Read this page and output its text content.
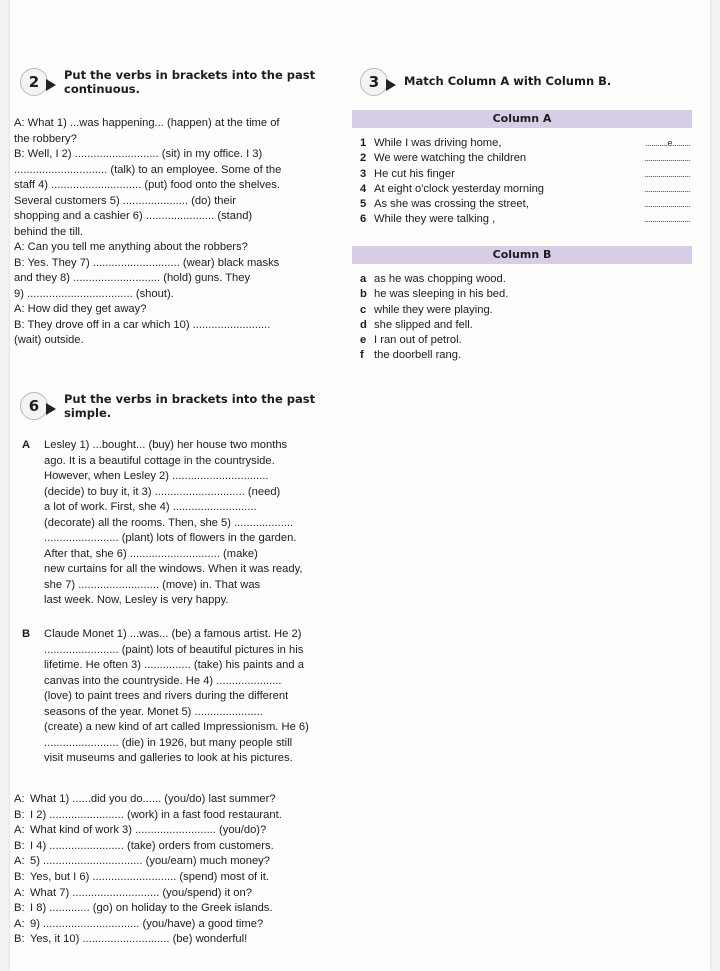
2	Put the verbs in brackets into the past continuous.

A: What 1) ...was happening... (happen) at the time of

the robbery?

B: Well, I 2) ........................... (sit) in my office. I 3)

.............................. (talk) to an employee. Some of the

staff 4) ............................. (put) food onto the shelves.

Several customers 5) ..................... (do) their

shopping and a cashier 6) ...................... (stand)

behind the till.

A: Can you tell me anything about the robbers?

B: Yes. They 7) ............................ (wear) black masks

and they 8) ............................ (hold) guns. They

9) .................................. (shout).

A: How did they get away?

B: They drove off in a car which 10) .........................

(wait) outside.

3	Match Column A with Column B.
Column A
1 While I was driving home,	...........e.........
2 We were watching the children	.......................
3 He cut his finger	.......................
4 At eight o'clock yesterday morning	.......................
5 As she was crossing the street,	.......................
6 While they were talking ,	.......................
Column B
a as he was chopping wood.
b he was sleeping in his bed.
c while they were playing.
d she slipped and fell.
e I ran out of petrol.
f the doorbell rang.
6	Put the verbs in brackets into the past simple.
A Lesley 1) ...bought... (buy) her house two months

ago. It is a beautiful cottage in the countryside.

However, when Lesley 2) ...............................

(decide) to buy it, it 3) ............................. (need)

a lot of work. First, she 4) ...........................

(decorate) all the rooms. Then, she 5) ...................

........................ (plant) lots of flowers in the garden.

After that, she 6) ............................. (make)

new curtains for all the windows. When it was ready,

she 7) .......................... (move) in. That was

last week. Now, Lesley is very happy.

B Claude Monet 1) ...was... (be) a famous artist. He 2)

........................ (paint) lots of beautiful pictures in his

lifetime. He often 3) ............... (take) his paints and a

canvas into the countryside. He 4) .....................

(love) to paint trees and rivers during the different

seasons of the year. Monet 5) ......................

(create) a new kind of art called Impressionism. He 6)

........................ (die) in 1926, but many people still

visit museums and galleries to look at his pictures.

A: What 1) ......did you do...... (you/do) last summer?
B: I 2) ........................ (work) in a fast food restaurant.
A: What kind of work 3) .......................... (you/do)?
B: I 4) ........................ (take) orders from customers.
A: 5) ................................ (you/earn) much money?
B: Yes, but I 6) ........................... (spend) most of it.
A: What 7) ............................ (you/spend) it on?
B: I 8) ............. (go) on holiday to the Greek islands.
A: 9) ............................... (you/have) a good time?
B: Yes, it 10) ............................ (be) wonderful!
